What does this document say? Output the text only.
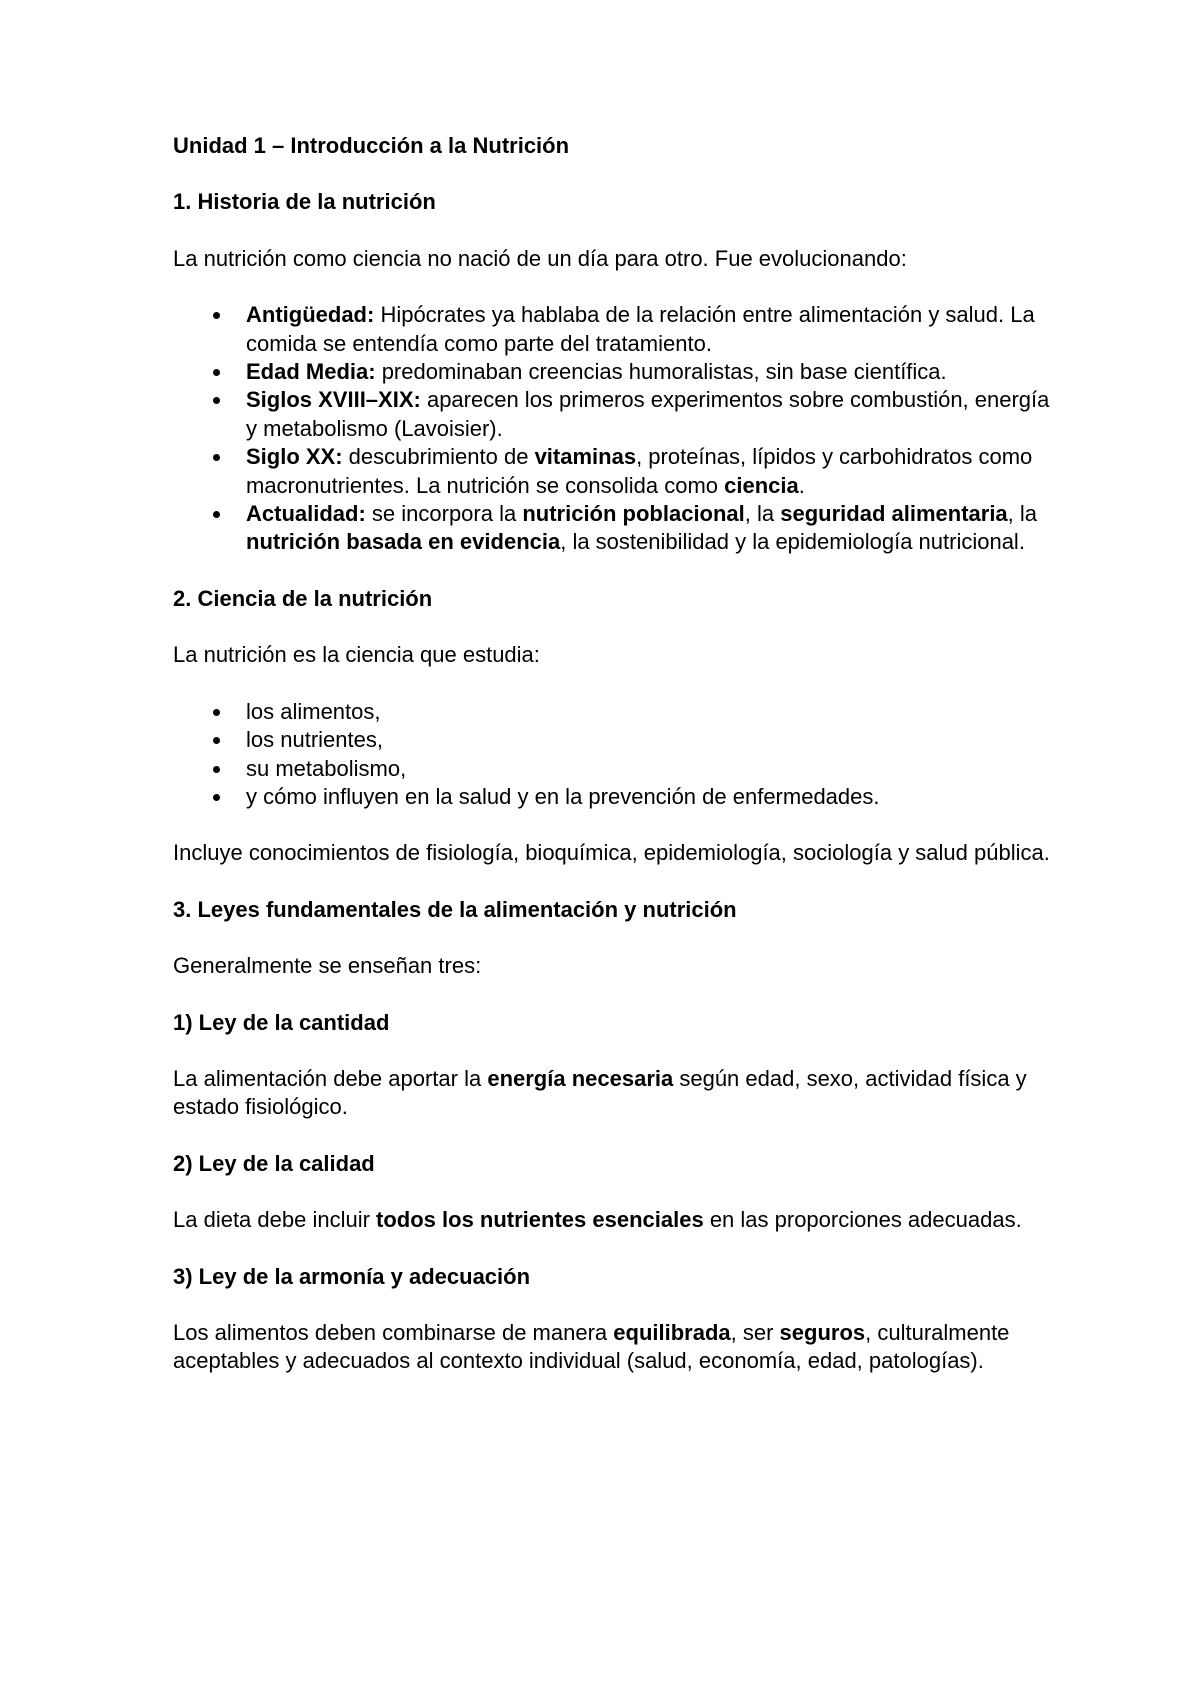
Unidad 1 – Introducción a la Nutrición

1. Historia de la nutrición

La nutrición como ciencia no nació de un día para otro. Fue evolucionando:

Antigüedad: Hipócrates ya hablaba de la relación entre alimentación y salud. La comida se entendía como parte del tratamiento.
Edad Media: predominaban creencias humoralistas, sin base científica.
Siglos XVIII–XIX: aparecen los primeros experimentos sobre combustión, energía y metabolismo (Lavoisier).
Siglo XX: descubrimiento de vitaminas, proteínas, lípidos y carbohidratos como macronutrientes. La nutrición se consolida como ciencia.
Actualidad: se incorpora la nutrición poblacional, la seguridad alimentaria, la nutrición basada en evidencia, la sostenibilidad y la epidemiología nutricional.

2. Ciencia de la nutrición

La nutrición es la ciencia que estudia:

los alimentos,
los nutrientes,
su metabolismo,
y cómo influyen en la salud y en la prevención de enfermedades.

Incluye conocimientos de fisiología, bioquímica, epidemiología, sociología y salud pública.

3. Leyes fundamentales de la alimentación y nutrición

Generalmente se enseñan tres:

1) Ley de la cantidad

La alimentación debe aportar la energía necesaria según edad, sexo, actividad física y estado fisiológico.

2) Ley de la calidad

La dieta debe incluir todos los nutrientes esenciales en las proporciones adecuadas.

3) Ley de la armonía y adecuación

Los alimentos deben combinarse de manera equilibrada, ser seguros, culturalmente aceptables y adecuados al contexto individual (salud, economía, edad, patologías).
